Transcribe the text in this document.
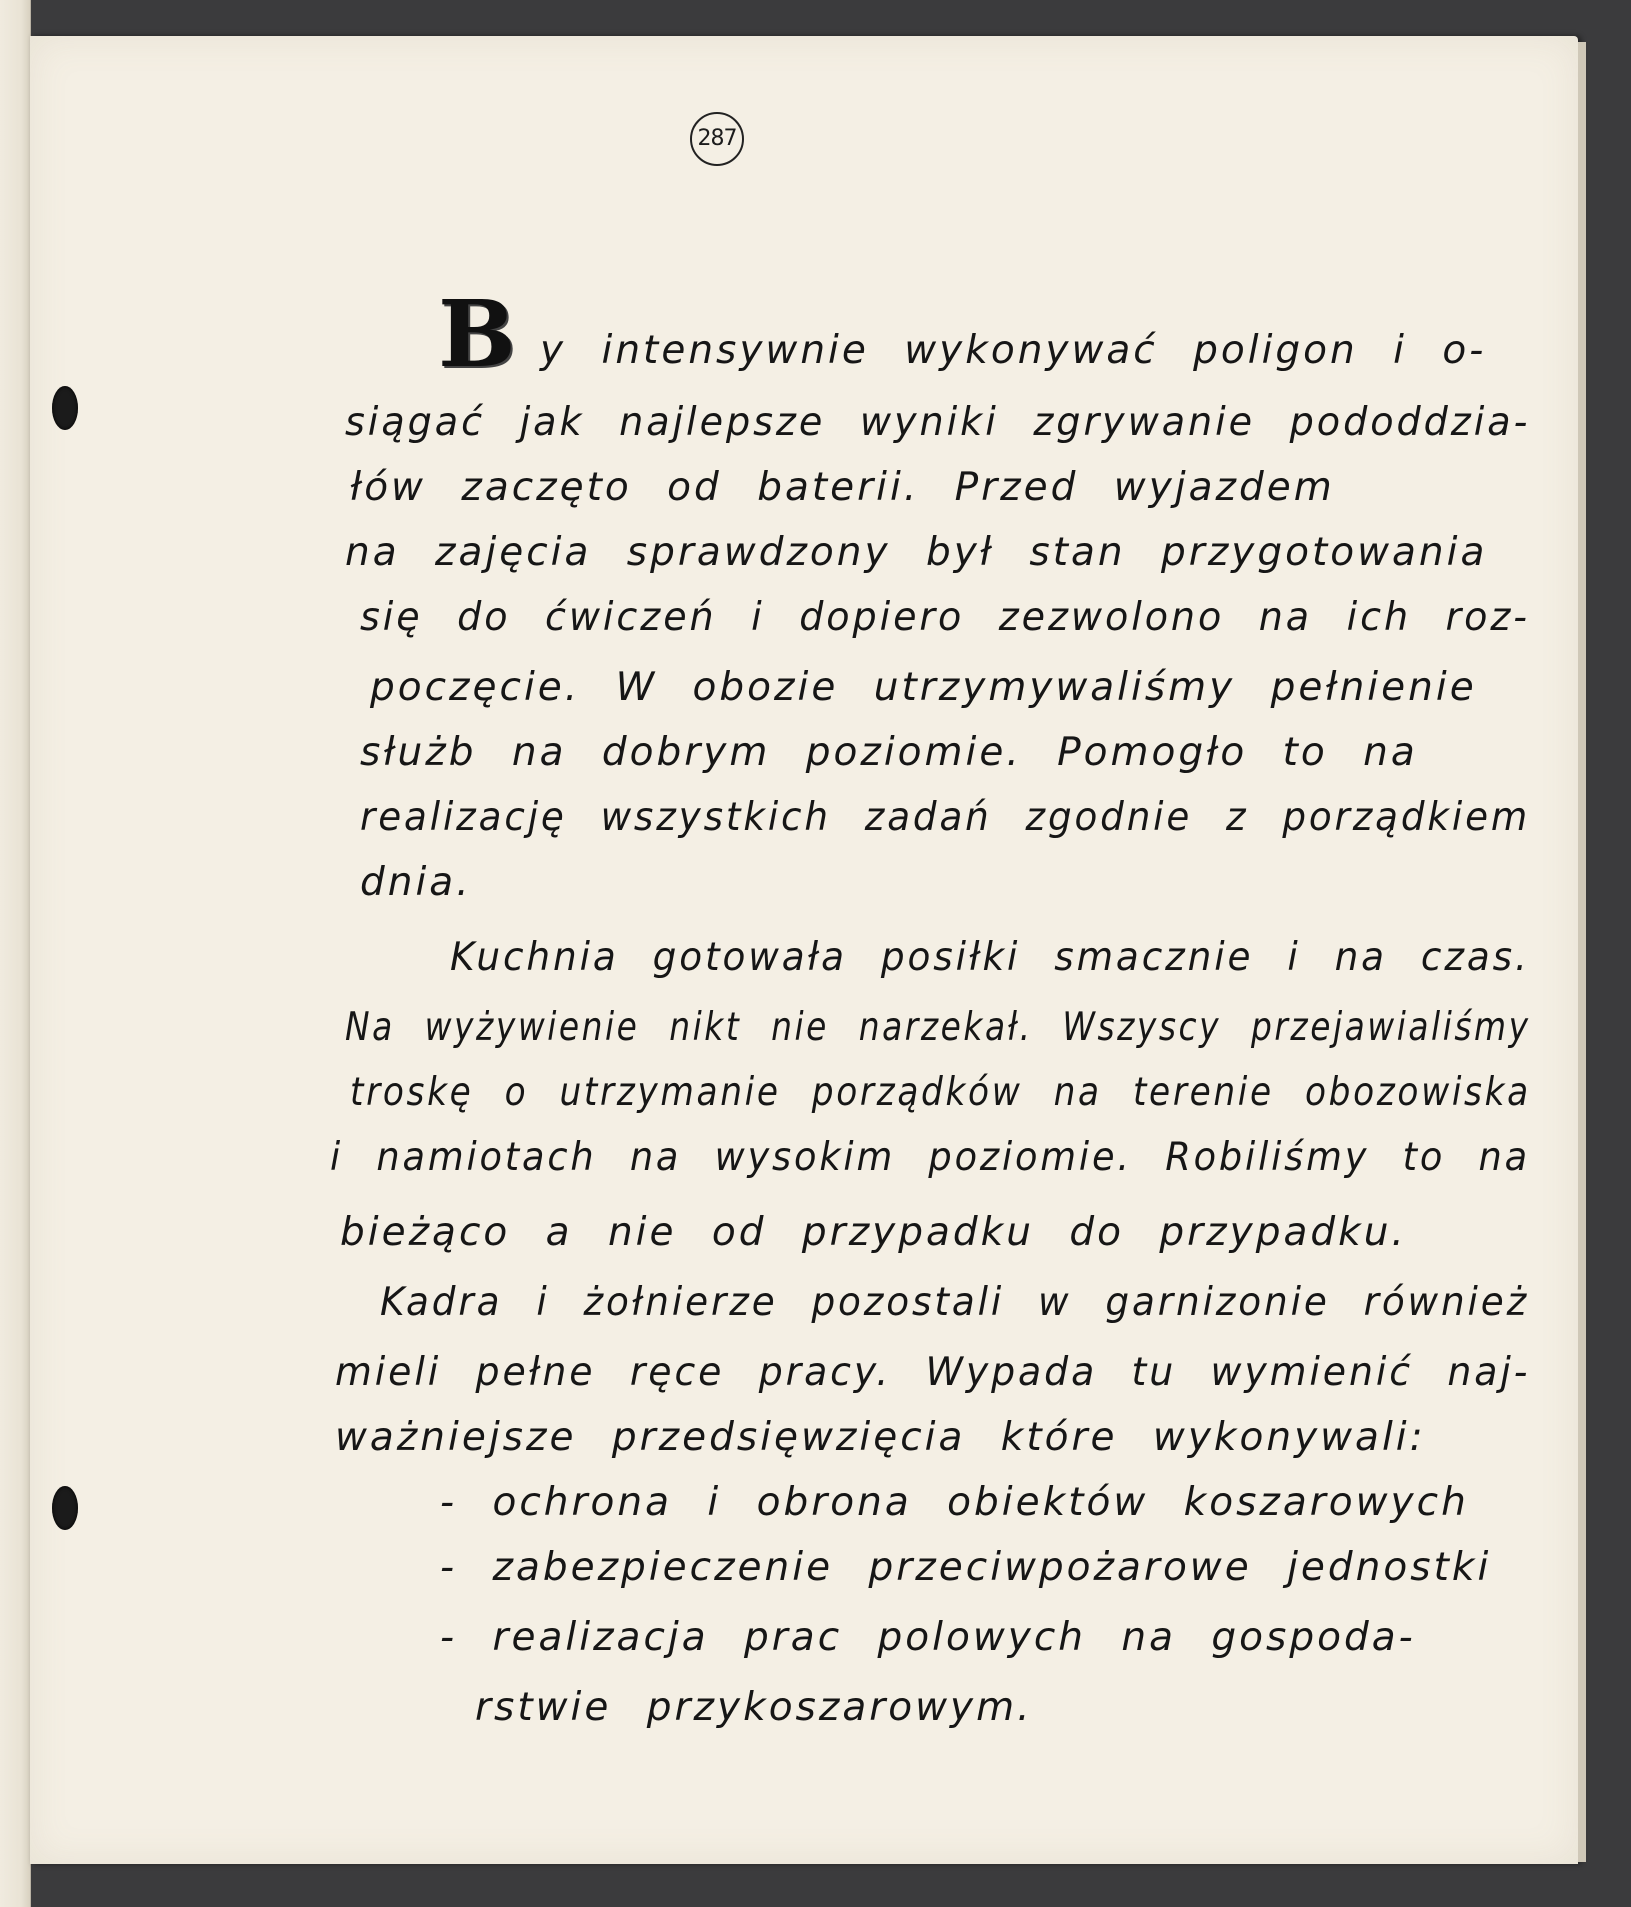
287
B y intensywnie wykonywać poligon i o-
siągać jak najlepsze wyniki zgrywanie pododdzia-
łów zaczęto od baterii. Przed wyjazdem
na zajęcia sprawdzony był stan przygotowania
się do ćwiczeń i dopiero zezwolono na ich roz-
poczęcie. W obozie utrzymywaliśmy pełnienie
służb na dobrym poziomie. Pomogło to na
realizację wszystkich zadań zgodnie z porządkiem
dnia.
Kuchnia gotowała posiłki smacznie i na czas.
Na wyżywienie nikt nie narzekał. Wszyscy przejawialiśmy
troskę o utrzymanie porządków na terenie obozowiska
i namiotach na wysokim poziomie. Robiliśmy to na
bieżąco a nie od przypadku do przypadku.
Kadra i żołnierze pozostali w garnizonie również
mieli pełne ręce pracy. Wypada tu wymienić naj-
ważniejsze przedsięwzięcia które wykonywali:
- ochrona i obrona obiektów koszarowych
- zabezpieczenie przeciwpożarowe jednostki
- realizacja prac polowych na gospoda-
rstwie przykoszarowym.
